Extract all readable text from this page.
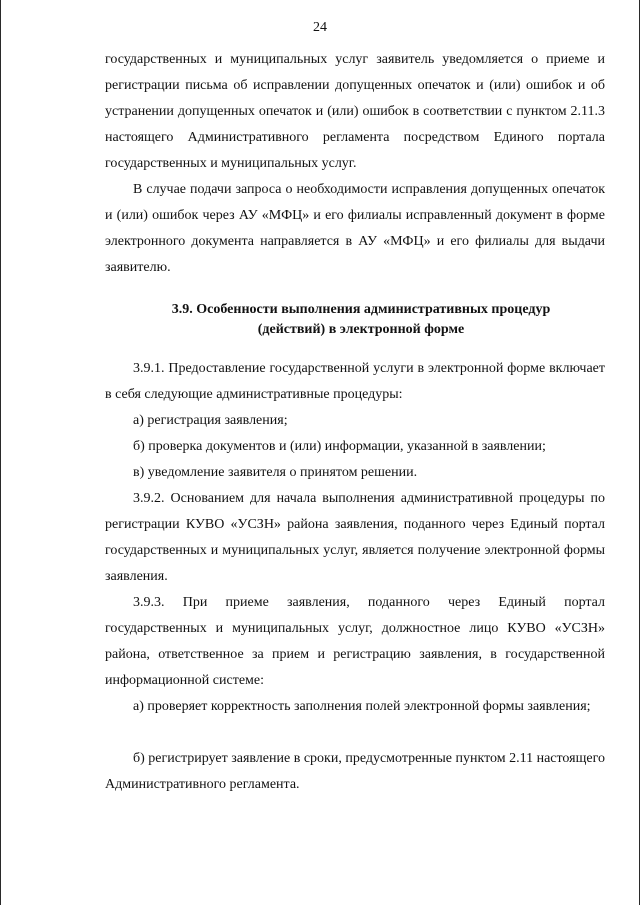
24

государственных и муниципальных услуг заявитель уведомляется о приеме и регистрации письма об исправлении допущенных опечаток и (или) ошибок и об устранении допущенных опечаток и (или) ошибок в соответствии с пунктом 2.11.3 настоящего Административного регламента посредством Единого портала государственных и муниципальных услуг.

В случае подачи запроса о необходимости исправления допущенных опечаток и (или) ошибок через АУ «МФЦ» и его филиалы исправленный документ в форме электронного документа направляется в АУ «МФЦ» и его филиалы для выдачи заявителю.

3.9. Особенности выполнения административных процедур (действий) в электронной форме

3.9.1. Предоставление государственной услуги в электронной форме включает в себя следующие административные процедуры:

а) регистрация заявления;

б) проверка документов и (или) информации, указанной в заявлении;

в) уведомление заявителя о принятом решении.

3.9.2. Основанием для начала выполнения административной процедуры по регистрации КУВО «УСЗН» района заявления, поданного через Единый портал государственных и муниципальных услуг, является получение электронной формы заявления.

3.9.3. При приеме заявления, поданного через Единый портал государственных и муниципальных услуг, должностное лицо КУВО «УСЗН» района, ответственное за прием и регистрацию заявления, в государственной информационной системе:

а) проверяет корректность заполнения полей электронной формы заявления;

б) регистрирует заявление в сроки, предусмотренные пунктом 2.11 настоящего Административного регламента.
